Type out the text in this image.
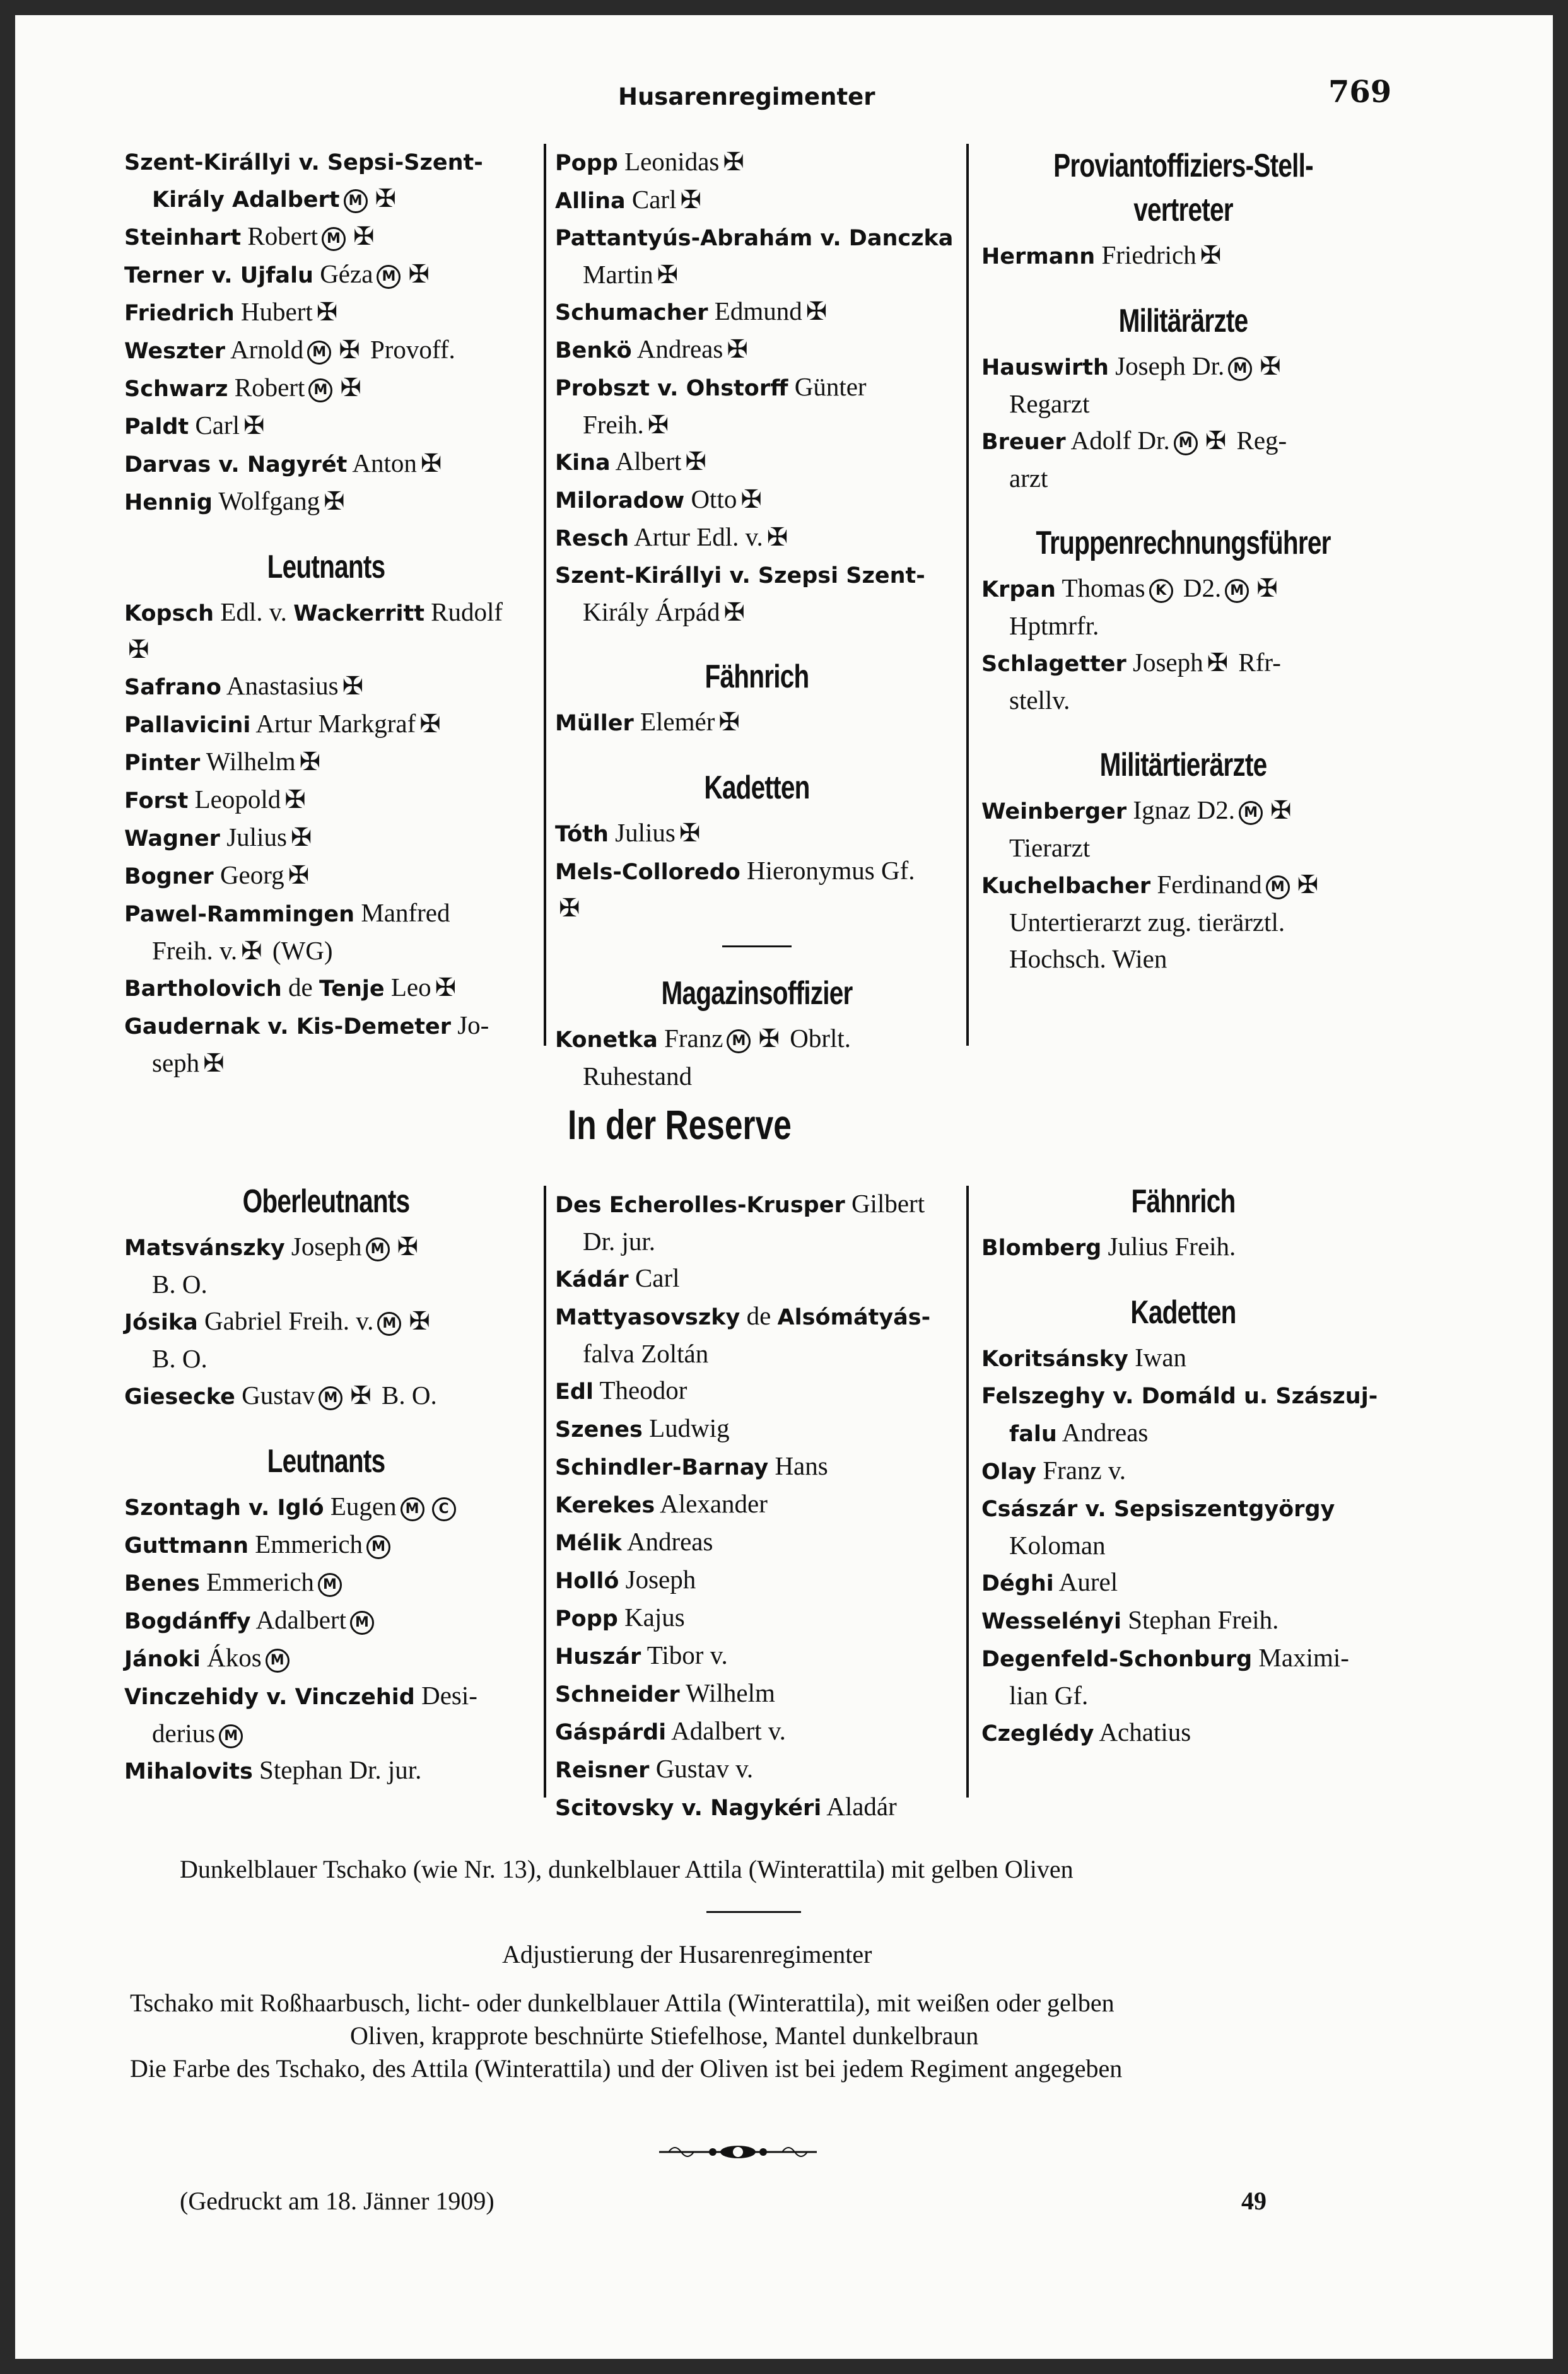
Husarenregimenter	769
Szent-Királlyi v. Sepsi-Szent-
Király Adalbert M ✠
Steinhart Robert M ✠
Terner v. Ujfalu Géza M ✠
Friedrich Hubert ✠
Weszter Arnold M ✠ Provoff.
Schwarz Robert M ✠
Paldt Carl ✠
Darvas v. Nagyrét Anton ✠
Hennig Wolfgang ✠
Leutnants
Kopsch Edl. v. Wackerritt Rudolf
✠
Safrano Anastasius ✠
Pallavicini Artur Markgraf ✠
Pinter Wilhelm ✠
Forst Leopold ✠
Wagner Julius ✠
Bogner Georg ✠
Pawel-Rammingen Manfred
Freih. v. ✠ (WG)
Bartholovich de Tenje Leo ✠
Gaudernak v. Kis-Demeter Jo-
seph ✠
Popp Leonidas ✠
Allina Carl ✠
Pattantyús-Abrahám v. Danczka
Martin ✠
Schumacher Edmund ✠
Benkö Andreas ✠
Probszt v. Ohstorff Günter
Freih. ✠
Kina Albert ✠
Miloradow Otto ✠
Resch Artur Edl. v. ✠
Szent-Királlyi v. Szepsi Szent-
Király Árpád ✠
Fähnrich
Müller Elemér ✠
Kadetten
Tóth Julius ✠
Mels-Colloredo Hieronymus Gf.
✠
Magazinsoffizier
Konetka Franz M ✠ Obrlt.
Ruhestand
Proviantoffiziers-Stell-vertreter
Hermann Friedrich ✠
Militärärzte
Hauswirth Joseph Dr. M ✠
Regarzt
Breuer Adolf Dr. M ✠ Reg-
arzt
Truppenrechnungsführer
Krpan Thomas K D2. M ✠
Hptmrfr.
Schlagetter Joseph ✠ Rfr-
stellv.
Militärtierärzte
Weinberger Ignaz D2. M ✠
Tierarzt
Kuchelbacher Ferdinand M ✠
Untertierarzt zug. tierärztl.
Hochsch. Wien
In der Reserve
Oberleutnants
Matsvánszky Joseph M ✠
B. O.
Jósika Gabriel Freih. v. M ✠
B. O.
Giesecke Gustav M ✠ B. O.
Leutnants
Szontagh v. Igló Eugen M C
Guttmann Emmerich M
Benes Emmerich M
Bogdánffy Adalbert M
Jánoki Ákos M
Vinczehidy v. Vinczehid Desi-
derius M
Mihalovits Stephan Dr. jur.
Des Echerolles-Krusper Gilbert
Dr. jur.
Kádár Carl
Mattyasovszky de Alsómátyás-
falva Zoltán
Edl Theodor
Szenes Ludwig
Schindler-Barnay Hans
Kerekes Alexander
Mélik Andreas
Holló Joseph
Popp Kajus
Huszár Tibor v.
Schneider Wilhelm
Gáspárdi Adalbert v.
Reisner Gustav v.
Scitovsky v. Nagykéri Aladár
Fähnrich
Blomberg Julius Freih.
Kadetten
Koritsánsky Iwan
Felszeghy v. Domáld u. Szászuj-
falu Andreas
Olay Franz v.
Császár v. Sepsiszentgyörgy
Koloman
Déghi Aurel
Wesselényi Stephan Freih.
Degenfeld-Schonburg Maximi-
lian Gf.
Czeglédy Achatius
Dunkelblauer Tschako (wie Nr. 13), dunkelblauer Attila (Winterattila) mit gelben Oliven
Adjustierung der Husarenregimenter
Tschako mit Roßhaarbusch, licht- oder dunkelblauer Attila (Winterattila), mit weißen oder gelben
Oliven, krapprote beschnürte Stiefelhose, Mantel dunkelbraun
Die Farbe des Tschako, des Attila (Winterattila) und der Oliven ist bei jedem Regiment angegeben
(Gedruckt am 18. Jänner 1909)	49
